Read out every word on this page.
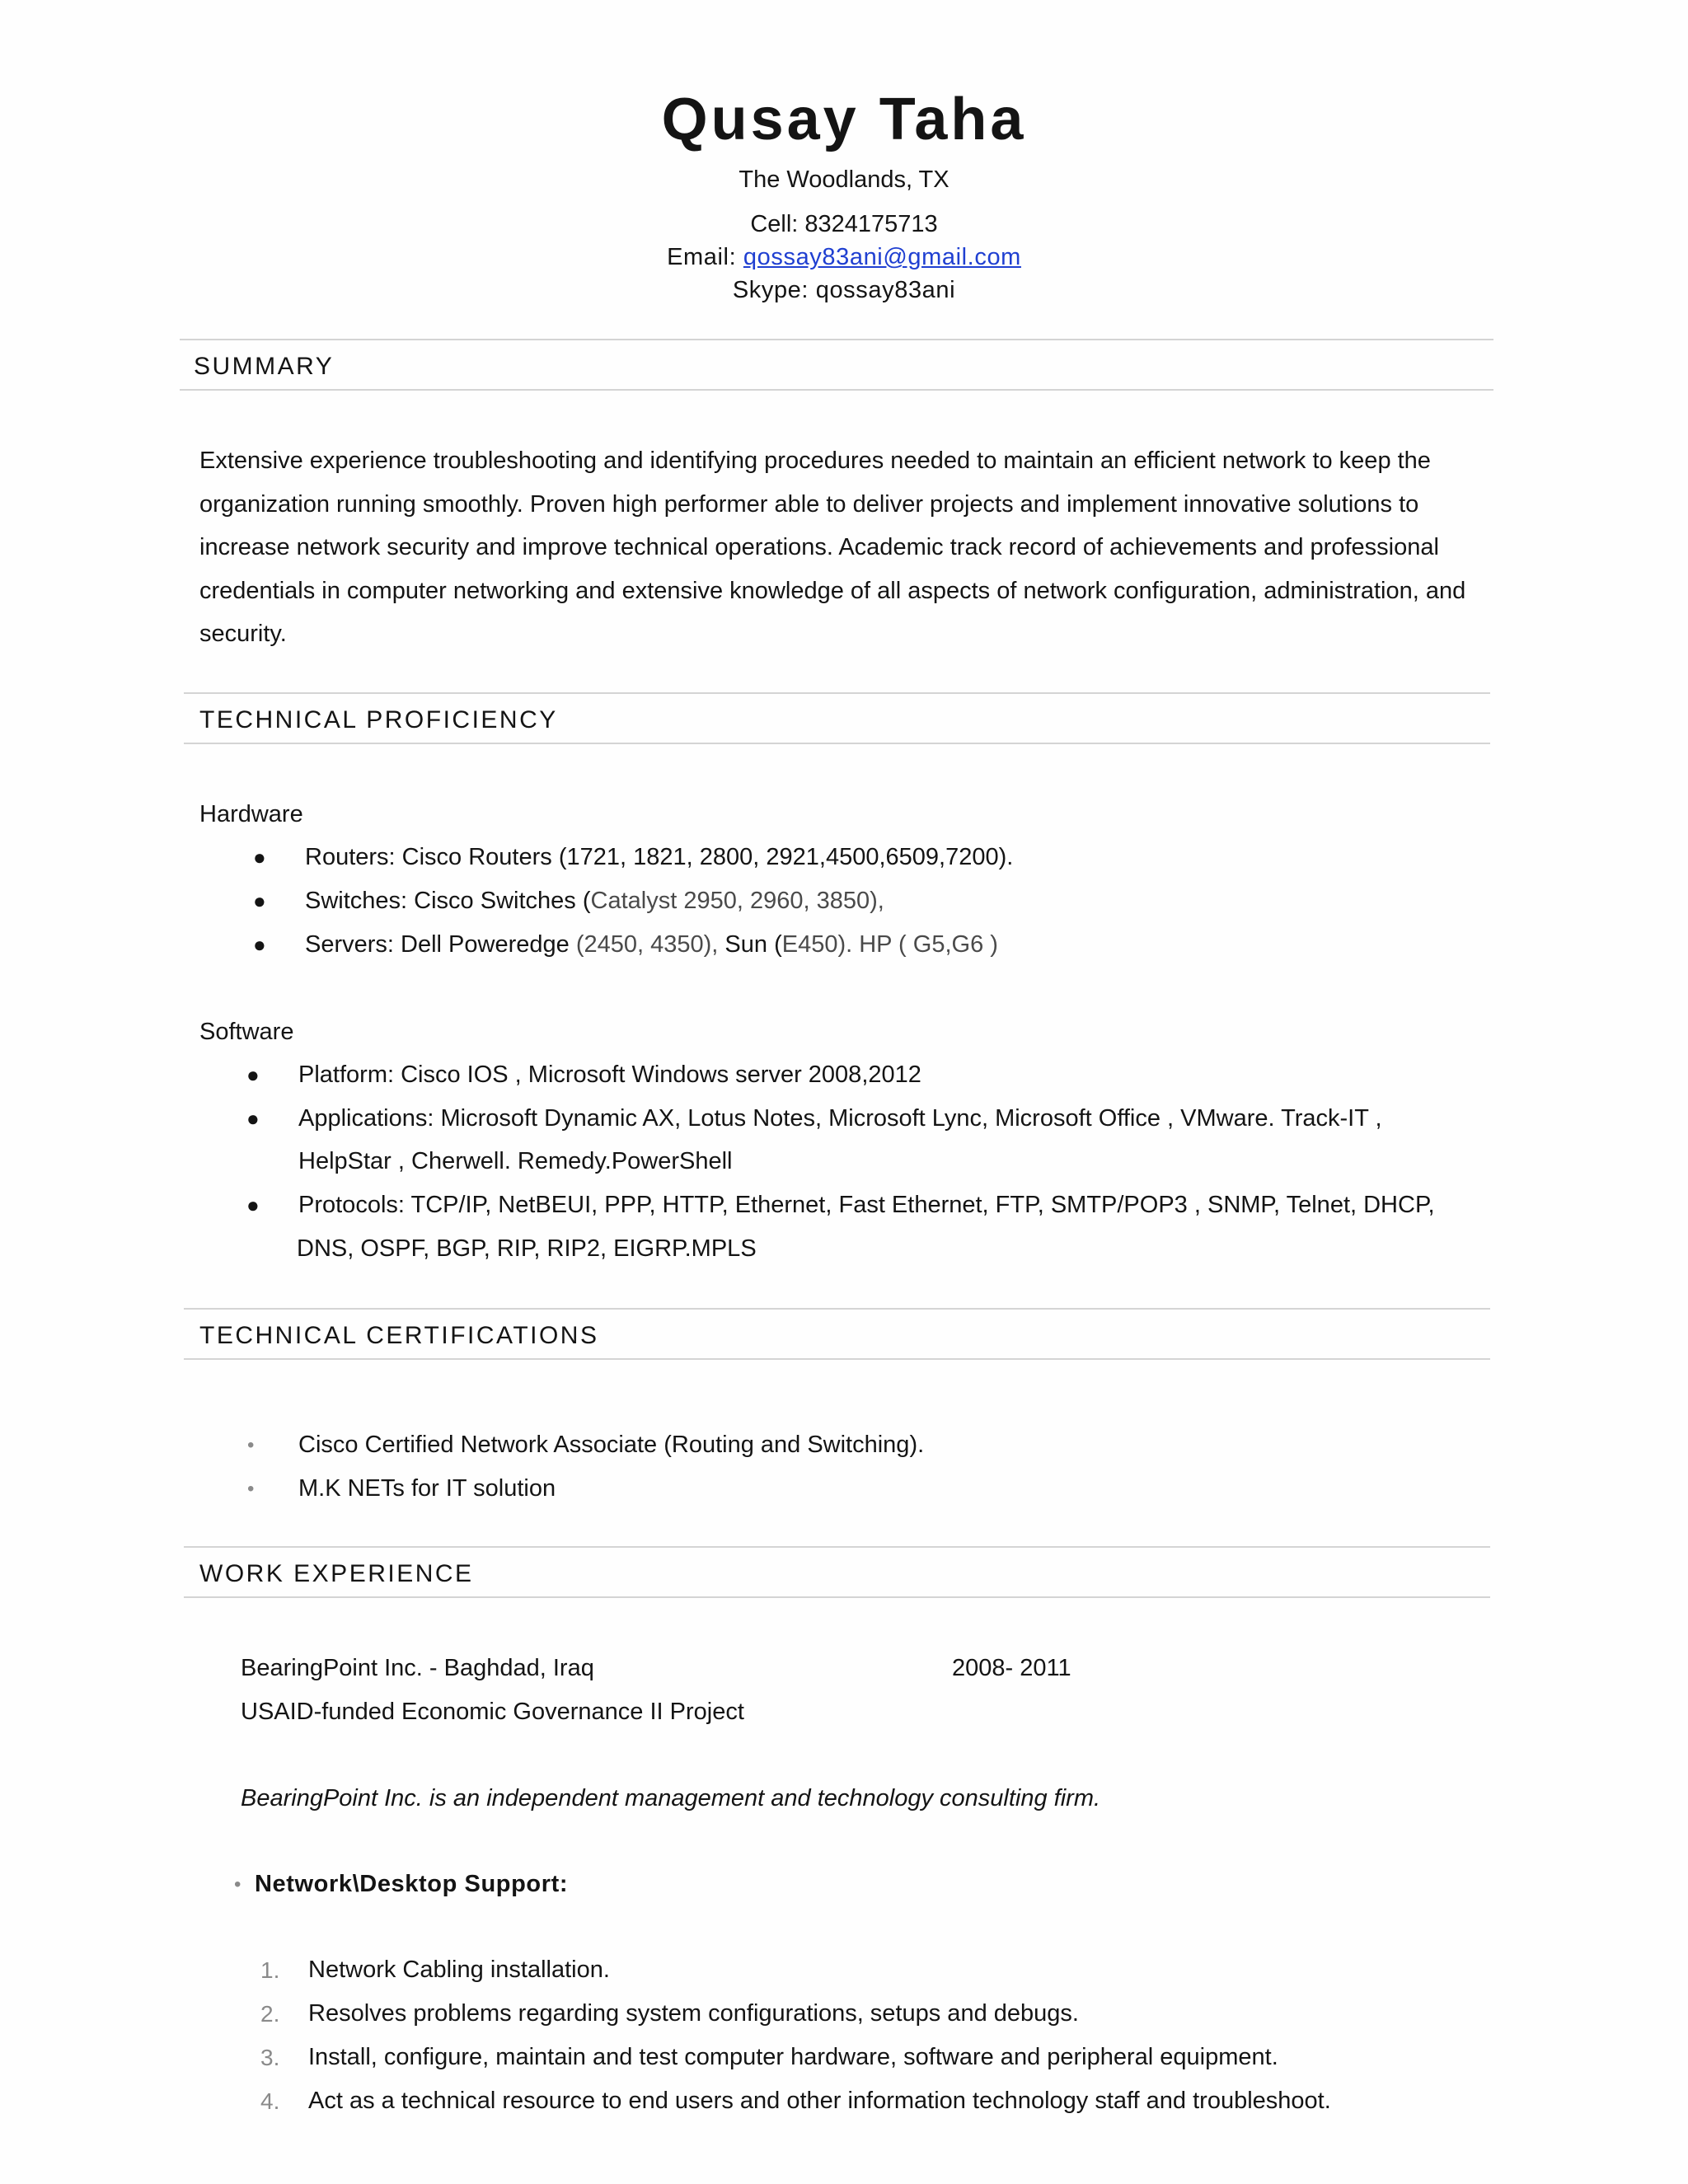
Qusay Taha
The Woodlands, TX
Cell: 8324175713
Email: qossay83ani@gmail.com
Skype: qossay83ani
SUMMARY
Extensive experience troubleshooting and identifying procedures needed to maintain an efficient network to keep the organization running smoothly. Proven high performer able to deliver projects and implement innovative solutions to increase network security and improve technical operations. Academic track record of achievements and professional credentials in computer networking and extensive knowledge of all aspects of network configuration, administration, and security.
TECHNICAL PROFICIENCY
Hardware
● Routers: Cisco Routers (1721, 1821, 2800, 2921,4500,6509,7200).
● Switches: Cisco Switches (Catalyst 2950, 2960, 3850),
● Servers: Dell Poweredge (2450, 4350), Sun (E450). HP ( G5,G6 )
Software
● Platform: Cisco IOS , Microsoft Windows server 2008,2012
● Applications: Microsoft Dynamic AX, Lotus Notes, Microsoft Lync, Microsoft Office , VMware. Track-IT ,
HelpStar , Cherwell. Remedy.PowerShell
● Protocols: TCP/IP, NetBEUI, PPP, HTTP, Ethernet, Fast Ethernet, FTP, SMTP/POP3 , SNMP, Telnet, DHCP,
DNS, OSPF, BGP, RIP, RIP2, EIGRP.MPLS
TECHNICAL CERTIFICATIONS
• Cisco Certified Network Associate (Routing and Switching).
• M.K NETs for IT solution
WORK EXPERIENCE
BearingPoint Inc. - Baghdad, Iraq	2008- 2011
USAID-funded Economic Governance II Project
BearingPoint Inc. is an independent management and technology consulting firm.
• Network\Desktop Support:
1. Network Cabling installation.
2. Resolves problems regarding system configurations, setups and debugs.
3. Install, configure, maintain and test computer hardware, software and peripheral equipment.
4. Act as a technical resource to end users and other information technology staff and troubleshoot.
